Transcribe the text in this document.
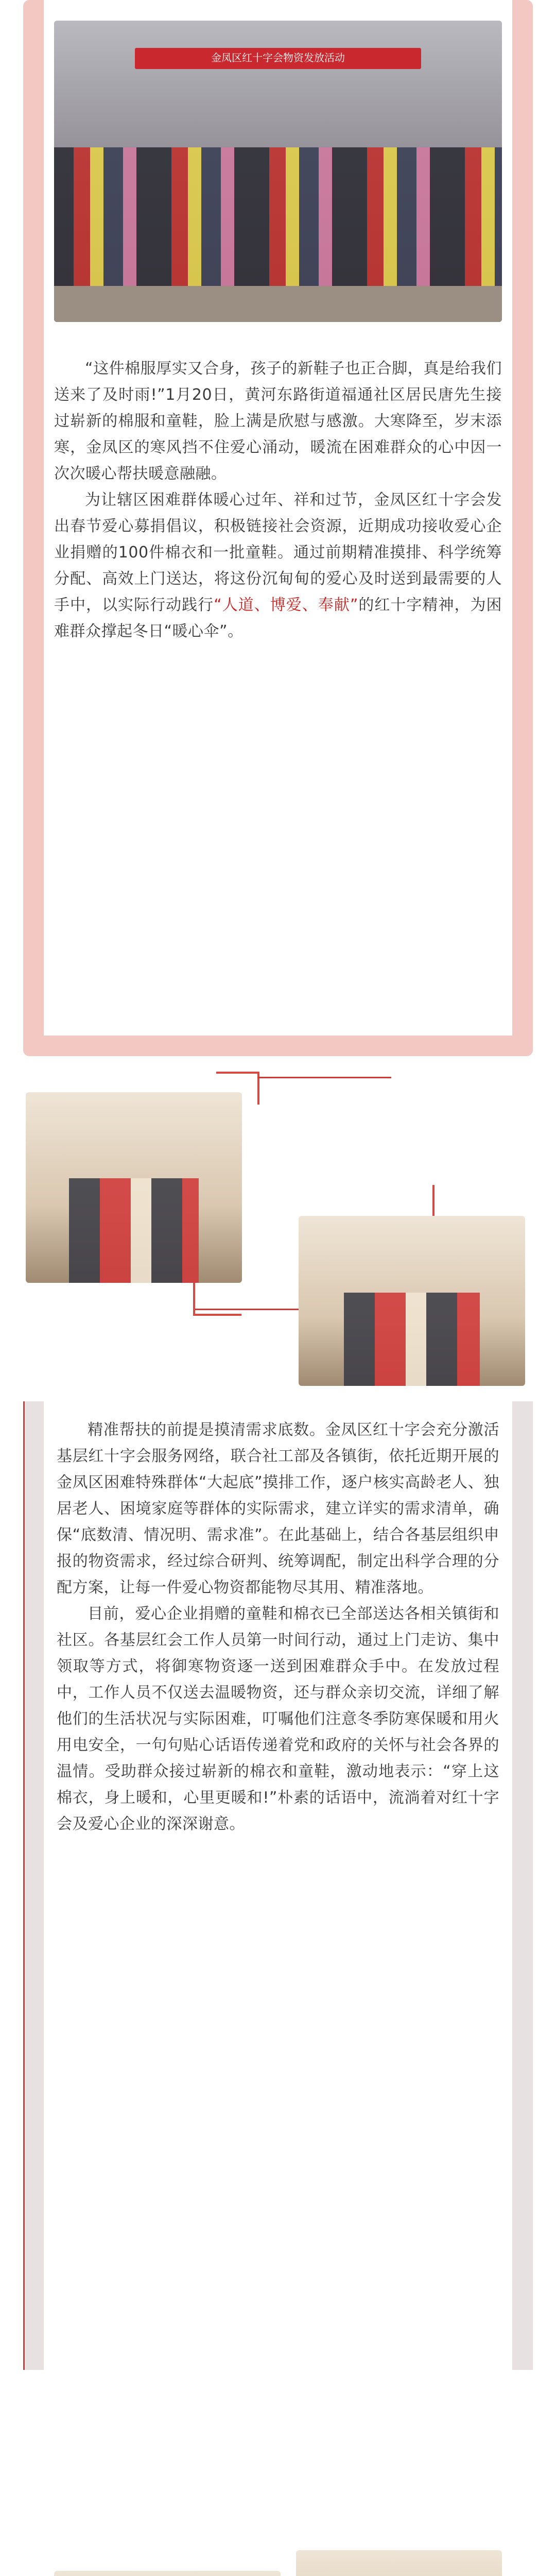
金凤区红十字会物资发放活动

“这件棉服厚实又合身，孩子的新鞋子也正合脚，真是给我们送来了及时雨!”1月20日，黄河东路街道福通社区居民唐先生接过崭新的棉服和童鞋，脸上满是欣慰与感激。大寒降至，岁末添寒，金凤区的寒风挡不住爱心涌动，暖流在困难群众的心中因一次次暖心帮扶暖意融融。

为让辖区困难群体暖心过年、祥和过节，金凤区红十字会发出春节爱心募捐倡议，积极链接社会资源，近期成功接收爱心企业捐赠的100件棉衣和一批童鞋。通过前期精准摸排、科学统筹分配、高效上门送达，将这份沉甸甸的爱心及时送到最需要的人手中，以实际行动践行“人道、博爱、奉献”的红十字精神，为困难群众撑起冬日“暖心伞”。

精准帮扶的前提是摸清需求底数。金凤区红十字会充分激活基层红十字会服务网络，联合社工部及各镇街，依托近期开展的金凤区困难特殊群体“大起底”摸排工作，逐户核实高龄老人、独居老人、困境家庭等群体的实际需求，建立详实的需求清单，确保“底数清、情况明、需求准”。在此基础上，结合各基层组织申报的物资需求，经过综合研判、统筹调配，制定出科学合理的分配方案，让每一件爱心物资都能物尽其用、精准落地。

目前，爱心企业捐赠的童鞋和棉衣已全部送达各相关镇街和社区。各基层红会工作人员第一时间行动，通过上门走访、集中领取等方式，将御寒物资逐一送到困难群众手中。在发放过程中，工作人员不仅送去温暖物资，还与群众亲切交流，详细了解他们的生活状况与实际困难，叮嘱他们注意冬季防寒保暖和用火用电安全，一句句贴心话语传递着党和政府的关怀与社会各界的温情。受助群众接过崭新的棉衣和童鞋，激动地表示：“穿上这棉衣，身上暖和，心里更暖和!”朴素的话语中，流淌着对红十字会及爱心企业的深深谢意。
